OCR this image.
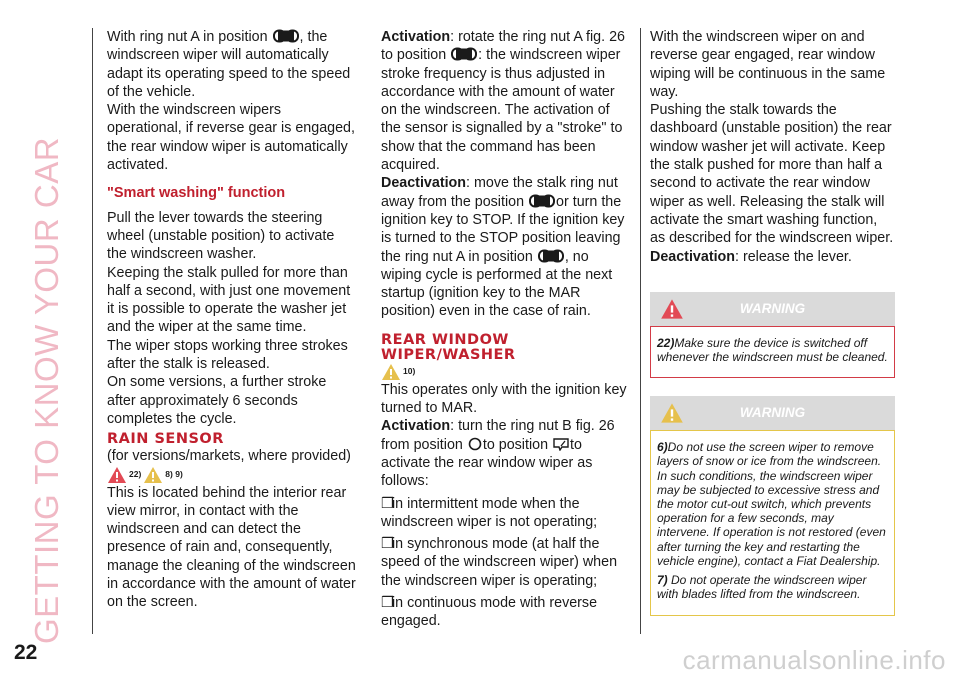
GETTING TO KNOW YOUR CAR
22	carmanualsonline.info

With ring nut A in position , the windscreen wiper will automatically adapt its operating speed to the speed of the vehicle.

With the windscreen wipers operational, if reverse gear is engaged, the rear window wiper is automatically activated.

"Smart washing" function

Pull the lever towards the steering wheel (unstable position) to activate the windscreen washer.

Keeping the stalk pulled for more than half a second, with just one movement it is possible to operate the washer jet and the wiper at the same time.

The wiper stops working three strokes after the stalk is released.

On some versions, a further stroke after approximately 6 seconds completes the cycle.

RAIN SENSOR

(for versions/markets, where provided)

22)	8) 9)

This is located behind the interior rear view mirror, in contact with the windscreen and can detect the presence of rain and, consequently, manage the cleaning of the windscreen in accordance with the amount of water on the screen.

Activation: rotate the ring nut A fig. 26 to position : the windscreen wiper stroke frequency is thus adjusted in accordance with the amount of water on the windscreen. The activation of the sensor is signalled by a "stroke" to show that the command has been acquired.

Deactivation: move the stalk ring nut away from the position or turn the ignition key to STOP. If the ignition key is turned to the STOP position leaving the ring nut A in position , no wiping cycle is performed at the next startup (ignition key to the MAR position) even in the case of rain.

REAR WINDOW
WIPER/WASHER
10)

This operates only with the ignition key turned to MAR.

Activation: turn the ring nut B fig. 26 from position to position to activate the rear window wiper as follows:

❒in intermittent mode when the windscreen wiper is not operating;

❒in synchronous mode (at half the speed of the windscreen wiper) when the windscreen wiper is operating;

❒in continuous mode with reverse engaged.

With the windscreen wiper on and reverse gear engaged, rear window wiping will be continuous in the same way.

Pushing the stalk towards the dashboard (unstable position) the rear window washer jet will activate. Keep the stalk pushed for more than half a second to activate the rear window wiper as well. Releasing the stalk will activate the smart washing function, as described for the windscreen wiper.

Deactivation: release the lever.

WARNING

22)Make sure the device is switched off whenever the windscreen must be cleaned.

WARNING

6)Do not use the screen wiper to remove layers of snow or ice from the windscreen. In such conditions, the windscreen wiper may be subjected to excessive stress and the motor cut-out switch, which prevents operation for a few seconds, may intervene. If operation is not restored (even after turning the key and restarting the vehicle engine), contact a Fiat Dealership.

7) Do not operate the windscreen wiper with blades lifted from the windscreen.
